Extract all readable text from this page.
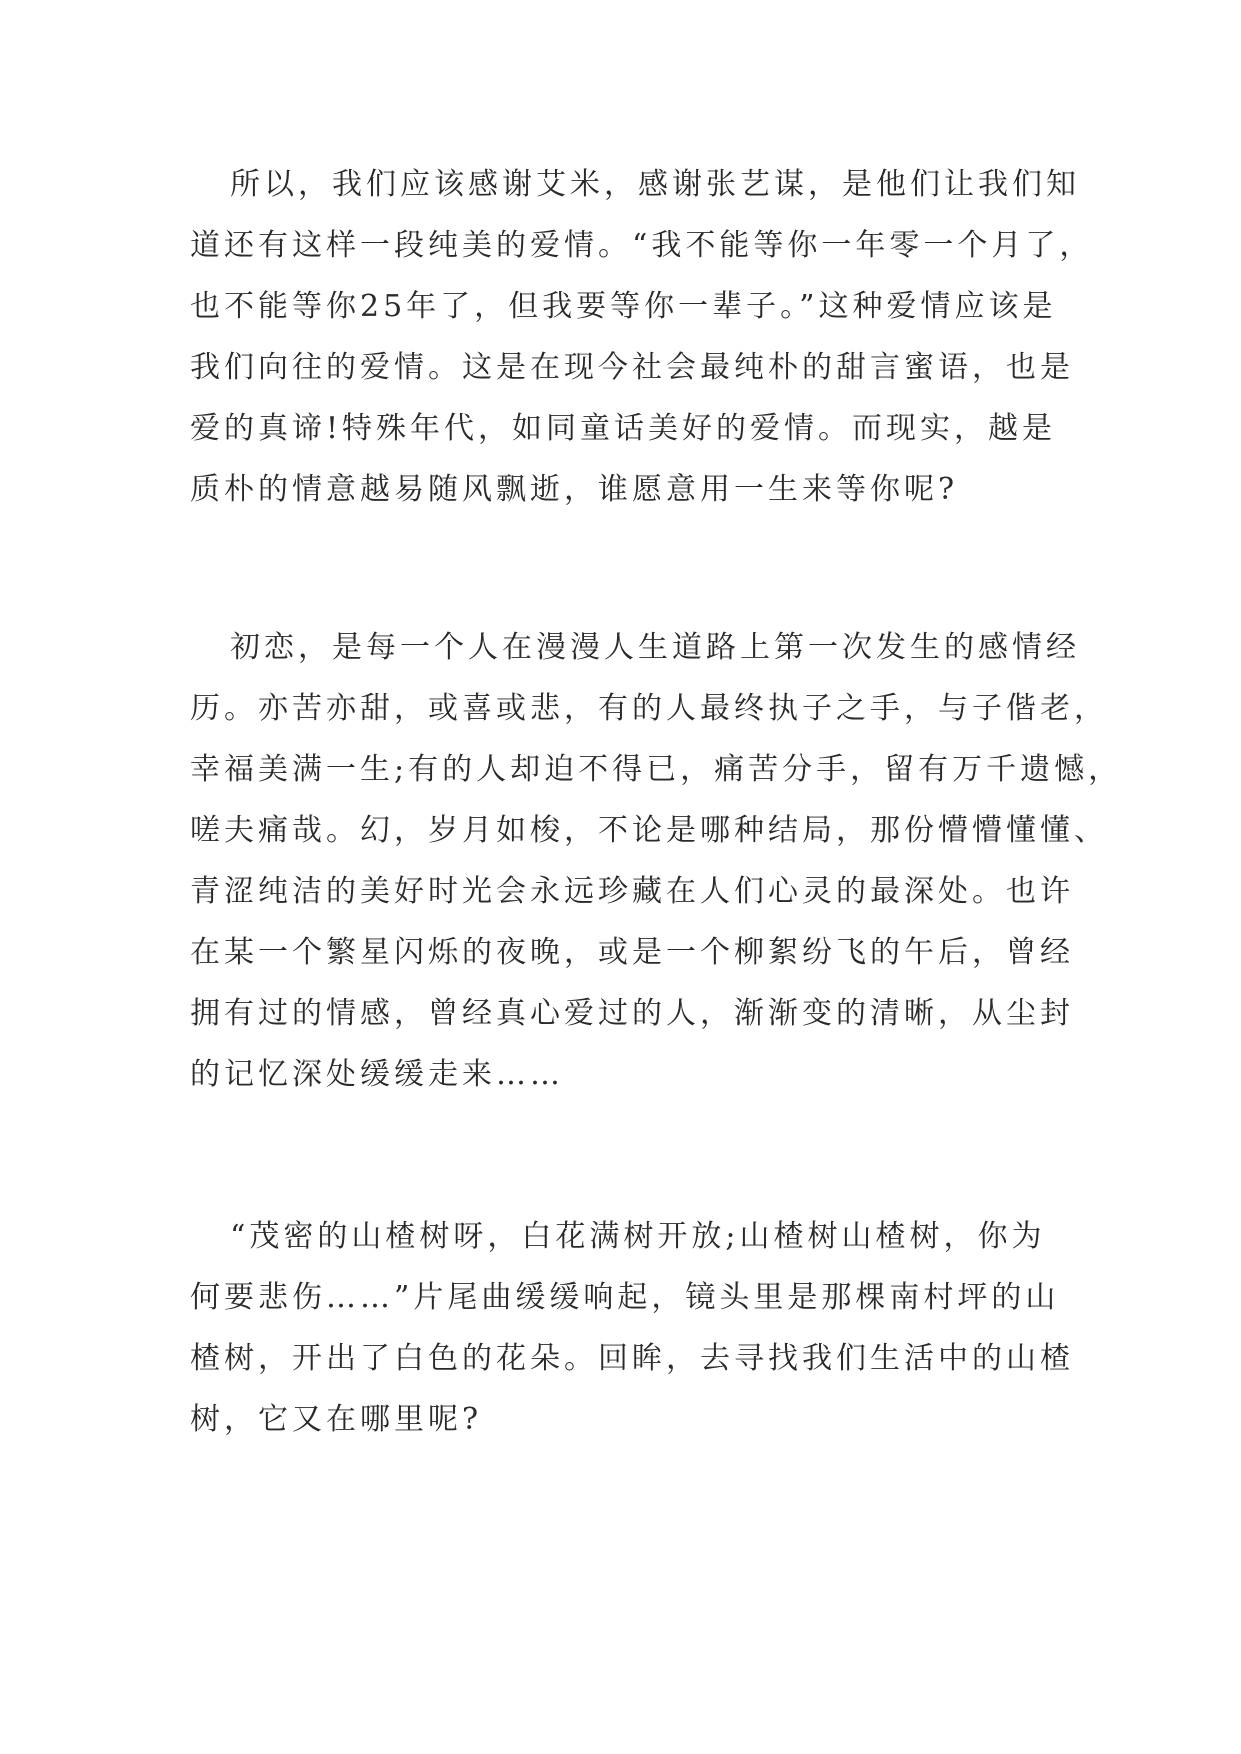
所以，我们应该感谢艾米，感谢张艺谋，是他们让我们知
道还有这样一段纯美的爱情。“我不能等你一年零一个月了，
也不能等你25年了，但我要等你一辈子。”这种爱情应该是
我们向往的爱情。这是在现今社会最纯朴的甜言蜜语，也是
爱的真谛!特殊年代，如同童话美好的爱情。而现实，越是
质朴的情意越易随风飘逝，谁愿意用一生来等你呢?
初恋，是每一个人在漫漫人生道路上第一次发生的感情经
历。亦苦亦甜，或喜或悲，有的人最终执子之手，与子偕老，
幸福美满一生;有的人却迫不得已，痛苦分手，留有万千遗憾，
嗟夫痛哉。幻，岁月如梭，不论是哪种结局，那份懵懵懂懂、
青涩纯洁的美好时光会永远珍藏在人们心灵的最深处。也许
在某一个繁星闪烁的夜晚，或是一个柳絮纷飞的午后，曾经
拥有过的情感，曾经真心爱过的人，渐渐变的清晰，从尘封
的记忆深处缓缓走来……
“茂密的山楂树呀，白花满树开放;山楂树山楂树，你为
何要悲伤……”片尾曲缓缓响起，镜头里是那棵南村坪的山
楂树，开出了白色的花朵。回眸，去寻找我们生活中的山楂
树，它又在哪里呢?
